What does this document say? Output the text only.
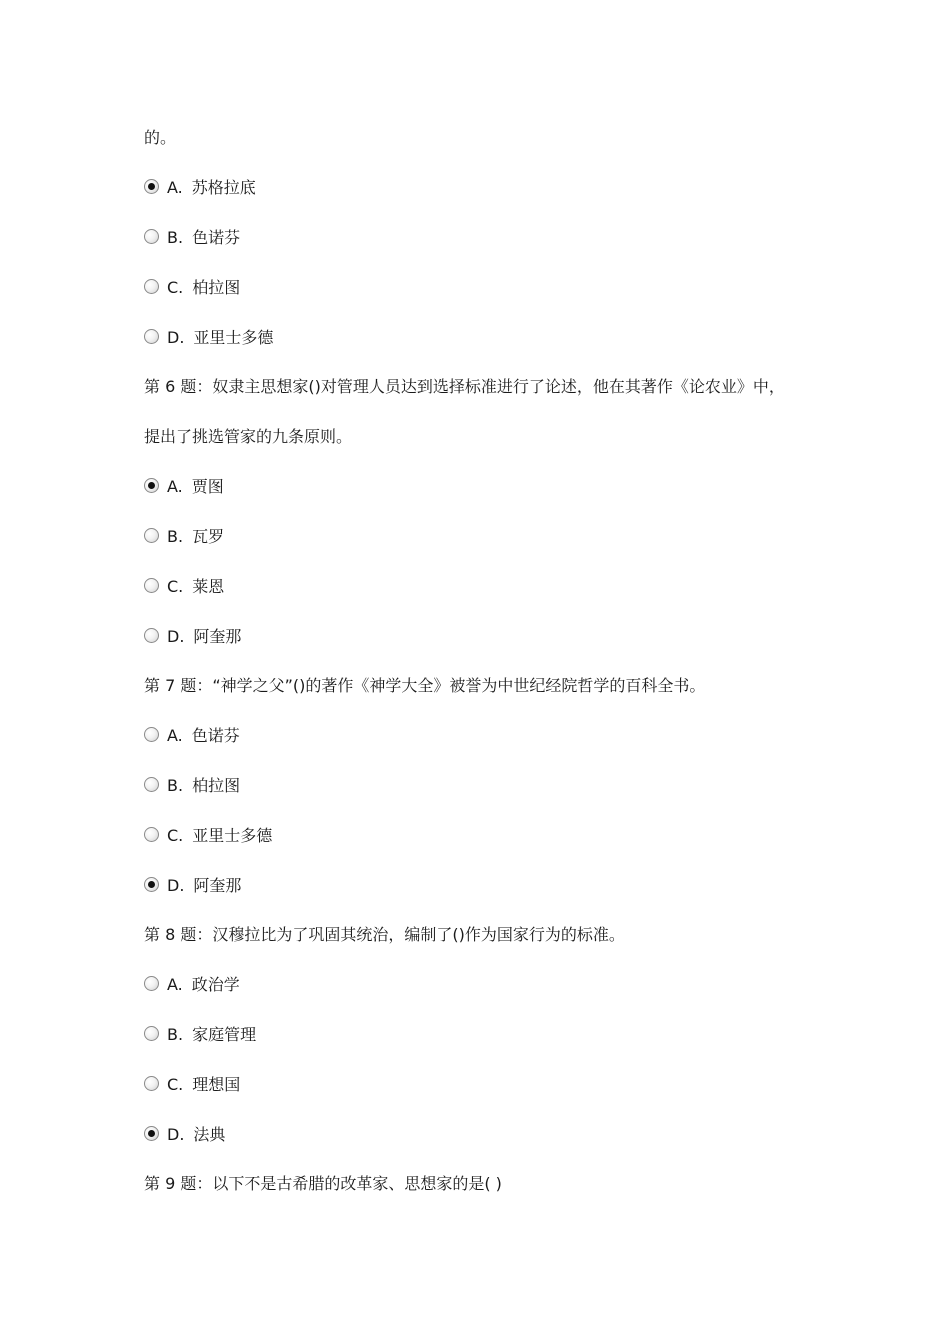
的。
A. 苏格拉底
B. 色诺芬
C. 柏拉图
D. 亚里士多德
第 6 题：奴隶主思想家()对管理人员达到选择标准进行了论述，他在其著作《论农业》中，
提出了挑选管家的九条原则。
A. 贾图
B. 瓦罗
C. 莱恩
D. 阿奎那
第 7 题：“神学之父”()的著作《神学大全》被誉为中世纪经院哲学的百科全书。
A. 色诺芬
B. 柏拉图
C. 亚里士多德
D. 阿奎那
第 8 题：汉穆拉比为了巩固其统治，编制了()作为国家行为的标准。
A. 政治学
B. 家庭管理
C. 理想国
D. 法典
第 9 题：以下不是古希腊的改革家、思想家的是( )
